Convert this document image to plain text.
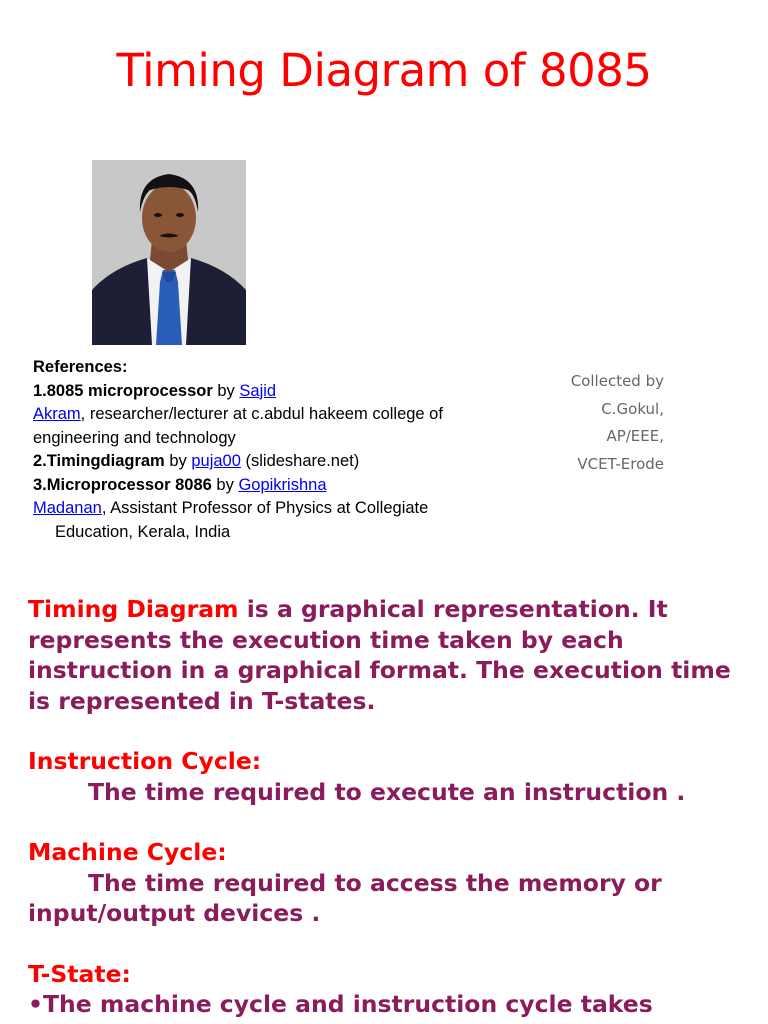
Timing Diagram of 8085
References:
1.8085 microprocessor by Sajid
Akram, researcher/lecturer at c.abdul hakeem college of engineering and technology
2.Timingdiagram by puja00 (slideshare.net)
3.Microprocessor 8086 by Gopikrishna
Madanan, Assistant Professor of Physics at Collegiate
Education, Kerala, India
Collected by
C.Gokul,
AP/EEE,
VCET-Erode

Timing Diagram is a graphical representation. It represents the execution time taken by each instruction in a graphical format. The execution time is represented in T-states.

Instruction Cycle:

The time required to execute an instruction .

Machine Cycle:

The time required to access the memory or

input/output devices .

T-State:

•The machine cycle and instruction cycle takes
